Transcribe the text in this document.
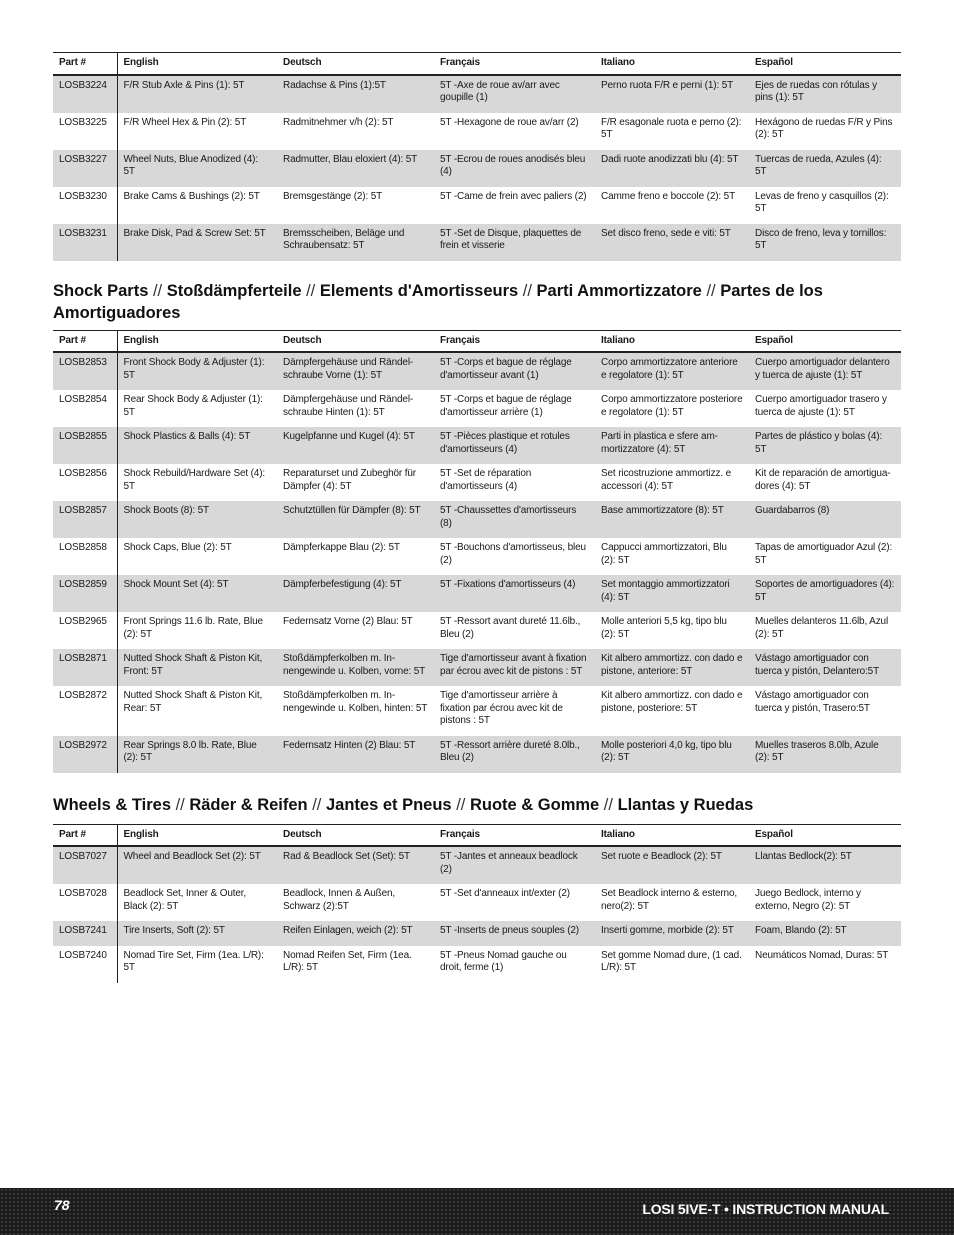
Part #	English	Deutsch	Français	Italiano	Español
LOSB3224	F/R Stub Axle & Pins (1): 5T	Radachse & Pins (1):5T	5T -Axe de roue av/arr avec goupille (1)	Perno ruota F/R e perni (1): 5T	Ejes de ruedas con rótulas y pins (1): 5T
LOSB3225	F/R Wheel Hex & Pin (2): 5T	Radmitnehmer v/h (2): 5T	5T -Hexagone de roue av/arr (2)	F/R esagonale ruota e perno (2): 5T	Hexágono de ruedas F/R y Pins (2): 5T
LOSB3227	Wheel Nuts, Blue Anodized (4): 5T	Radmutter, Blau eloxiert (4): 5T	5T -Ecrou de roues anodisés bleu (4)	Dadi ruote anodizzati blu (4): 5T	Tuercas de rueda, Azules (4): 5T
LOSB3230	Brake Cams & Bushings (2): 5T	Bremsgestänge (2): 5T	5T -Came de frein avec paliers (2)	Camme freno e boccole (2): 5T	Levas de freno y casquillos (2): 5T
LOSB3231	Brake Disk, Pad & Screw Set: 5T	Bremsscheiben, Beläge und Schraubensatz: 5T	5T -Set de Disque, plaquettes de frein et visserie	Set disco freno, sede e viti: 5T	Disco de freno, leva y tornillos: 5T
Shock Parts // Stoßdämpferteile // Elements d'Amortisseurs // Parti Ammortizzatore // Partes de los Amortiguadores
Part #	English	Deutsch	Français	Italiano	Español
LOSB2853	Front Shock Body & Adjuster (1): 5T	Dämpfergehäuse und Rändel-schraube Vorne (1): 5T	5T -Corps et bague de réglage d'amortisseur avant (1)	Corpo ammortizzatore anteriore e regolatore (1): 5T	Cuerpo amortiguador delantero y tuerca de ajuste (1): 5T
LOSB2854	Rear Shock Body & Adjuster (1): 5T	Dämpfergehäuse und Rändel-schraube Hinten (1): 5T	5T -Corps et bague de réglage d'amortisseur arrière (1)	Corpo ammortizzatore posteriore e regolatore (1): 5T	Cuerpo amortiguador trasero y tuerca de ajuste (1): 5T
LOSB2855	Shock Plastics & Balls (4): 5T	Kugelpfanne und Kugel (4): 5T	5T -Pièces plastique et rotules d'amortisseurs (4)	Parti in plastica e sfere am-mortizzatore (4): 5T	Partes de plástico y bolas (4): 5T
LOSB2856	Shock Rebuild/Hardware Set (4): 5T	Reparaturset und Zubeghör für Dämpfer (4): 5T	5T -Set de réparation d'amortisseurs (4)	Set ricostruzione ammortizz. e accessori (4): 5T	Kit de reparación de amortigua-dores (4): 5T
LOSB2857	Shock Boots (8): 5T	Schutztüllen für Dämpfer (8): 5T	5T -Chaussettes d'amortisseurs (8)	Base ammortizzatore (8): 5T	Guardabarros (8)
LOSB2858	Shock Caps, Blue (2): 5T	Dämpferkappe Blau (2): 5T	5T -Bouchons d'amortisseus, bleu (2)	Cappucci ammortizzatori, Blu (2): 5T	Tapas de amortiguador Azul (2): 5T
LOSB2859	Shock Mount Set (4): 5T	Dämpferbefestigung (4): 5T	5T -Fixations d'amortisseurs (4)	Set montaggio ammortizzatori (4): 5T	Soportes de amortiguadores (4): 5T
LOSB2965	Front Springs 11.6 lb. Rate, Blue (2): 5T	Federnsatz Vorne (2) Blau: 5T	5T -Ressort avant dureté 11.6lb., Bleu (2)	Molle anteriori 5,5 kg, tipo blu (2): 5T	Muelles delanteros 11.6lb, Azul (2): 5T
LOSB2871	Nutted Shock Shaft & Piston Kit, Front: 5T	Stoßdämpferkolben m. In-nengewinde u. Kolben, vorne: 5T	Tige d'amortisseur avant à fixation par écrou avec kit de pistons : 5T	Kit albero ammortizz. con dado e pistone, anteriore: 5T	Vástago amortiguador con tuerca y pistón, Delantero:5T
LOSB2872	Nutted Shock Shaft & Piston Kit, Rear: 5T	Stoßdämpferkolben m. In-nengewinde u. Kolben, hinten: 5T	Tige d'amortisseur arrière à fixation par écrou avec kit de pistons : 5T	Kit albero ammortizz. con dado e pistone, posteriore: 5T	Vástago amortiguador con tuerca y pistón, Trasero:5T
LOSB2972	Rear Springs 8.0 lb. Rate, Blue (2): 5T	Federnsatz Hinten (2) Blau: 5T	5T -Ressort arrière dureté 8.0lb., Bleu (2)	Molle posteriori 4,0 kg, tipo blu (2): 5T	Muelles traseros 8.0lb, Azule (2): 5T
Wheels & Tires // Räder & Reifen // Jantes et Pneus // Ruote & Gomme // Llantas y Ruedas
Part #	English	Deutsch	Français	Italiano	Español
LOSB7027	Wheel and Beadlock Set (2): 5T	Rad & Beadlock Set (Set): 5T	5T -Jantes et anneaux beadlock (2)	Set ruote e Beadlock (2): 5T	Llantas Bedlock(2): 5T
LOSB7028	Beadlock Set, Inner & Outer, Black (2): 5T	Beadlock, Innen & Außen, Schwarz (2):5T	5T -Set d'anneaux int/exter (2)	Set Beadlock interno & esterno, nero(2): 5T	Juego Bedlock, interno y externo, Negro (2): 5T
LOSB7241	Tire Inserts, Soft (2): 5T	Reifen Einlagen, weich (2): 5T	5T -Inserts de pneus souples (2)	Inserti gomme, morbide (2): 5T	Foam, Blando (2): 5T
LOSB7240	Nomad Tire Set, Firm (1ea. L/R): 5T	Nomad Reifen Set, Firm (1ea. L/R): 5T	5T -Pneus Nomad gauche ou droit, ferme (1)	Set gomme Nomad dure, (1 cad. L/R): 5T	Neumáticos Nomad, Duras: 5T
78	LOSI 5IVE-T • INSTRUCTION MANUAL
